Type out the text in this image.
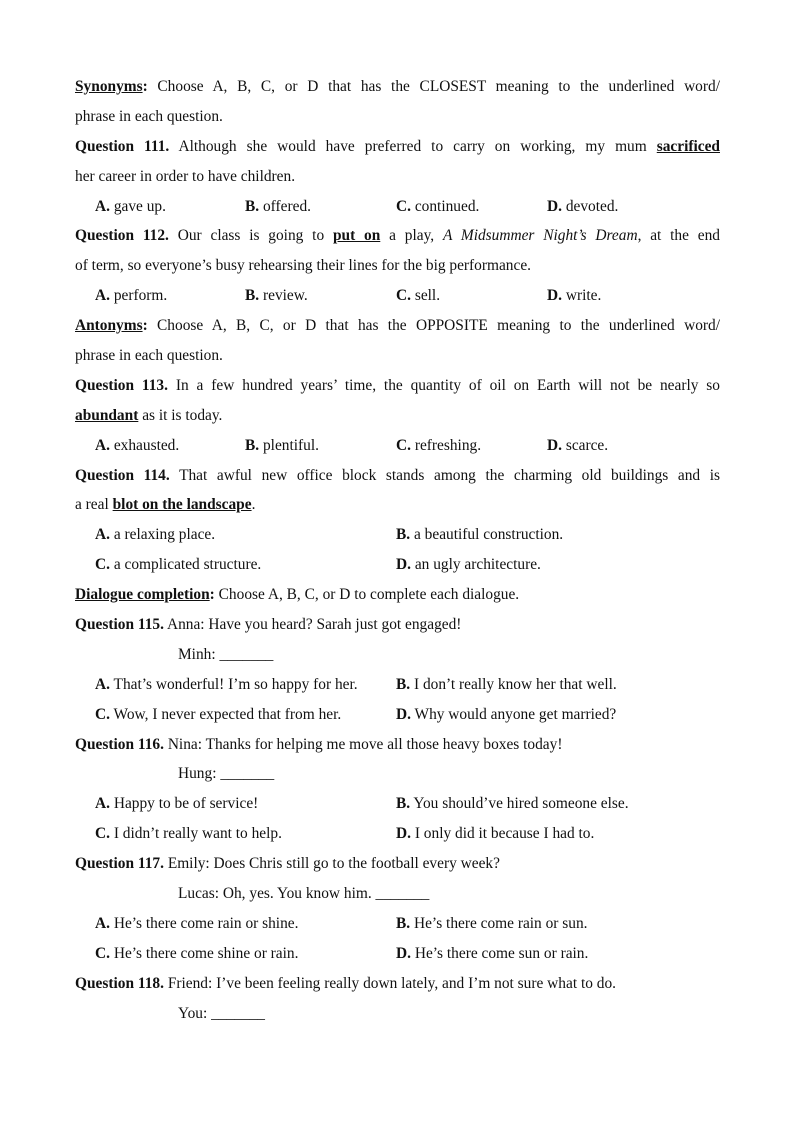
Synonyms: Choose A, B, C, or D that has the CLOSEST meaning to the underlined word/
phrase in each question.
Question 111. Although she would have preferred to carry on working, my mum sacrificed
her career in order to have children.
A. gave up.	B. offered.	C. continued.	D. devoted.
Question 112. Our class is going to put on a play, A Midsummer Night’s Dream, at the end
of term, so everyone’s busy rehearsing their lines for the big performance.
A. perform.	B. review.	C. sell.	D. write.
Antonyms: Choose A, B, C, or D that has the OPPOSITE meaning to the underlined word/
phrase in each question.
Question 113. In a few hundred years’ time, the quantity of oil on Earth will not be nearly so
abundant as it is today.
A. exhausted.	B. plentiful.	C. refreshing.	D. scarce.
Question 114. That awful new office block stands among the charming old buildings and is
a real blot on the landscape.
A. a relaxing place.	B. a beautiful construction.
C. a complicated structure.	D. an ugly architecture.
Dialogue completion: Choose A, B, C, or D to complete each dialogue.
Question 115. Anna: Have you heard? Sarah just got engaged!
Minh: _______
A. That’s wonderful! I’m so happy for her. B. I don’t really know her that well.
C. Wow, I never expected that from her.	D. Why would anyone get married?
Question 116. Nina: Thanks for helping me move all those heavy boxes today!
Hung: _______
A. Happy to be of service!	B. You should’ve hired someone else.
C. I didn’t really want to help.	D. I only did it because I had to.
Question 117. Emily: Does Chris still go to the football every week?
Lucas: Oh, yes. You know him. _______
A. He’s there come rain or shine.	B. He’s there come rain or sun.
C. He’s there come shine or rain.	D. He’s there come sun or rain.
Question 118. Friend: I’ve been feeling really down lately, and I’m not sure what to do.
You: _______
